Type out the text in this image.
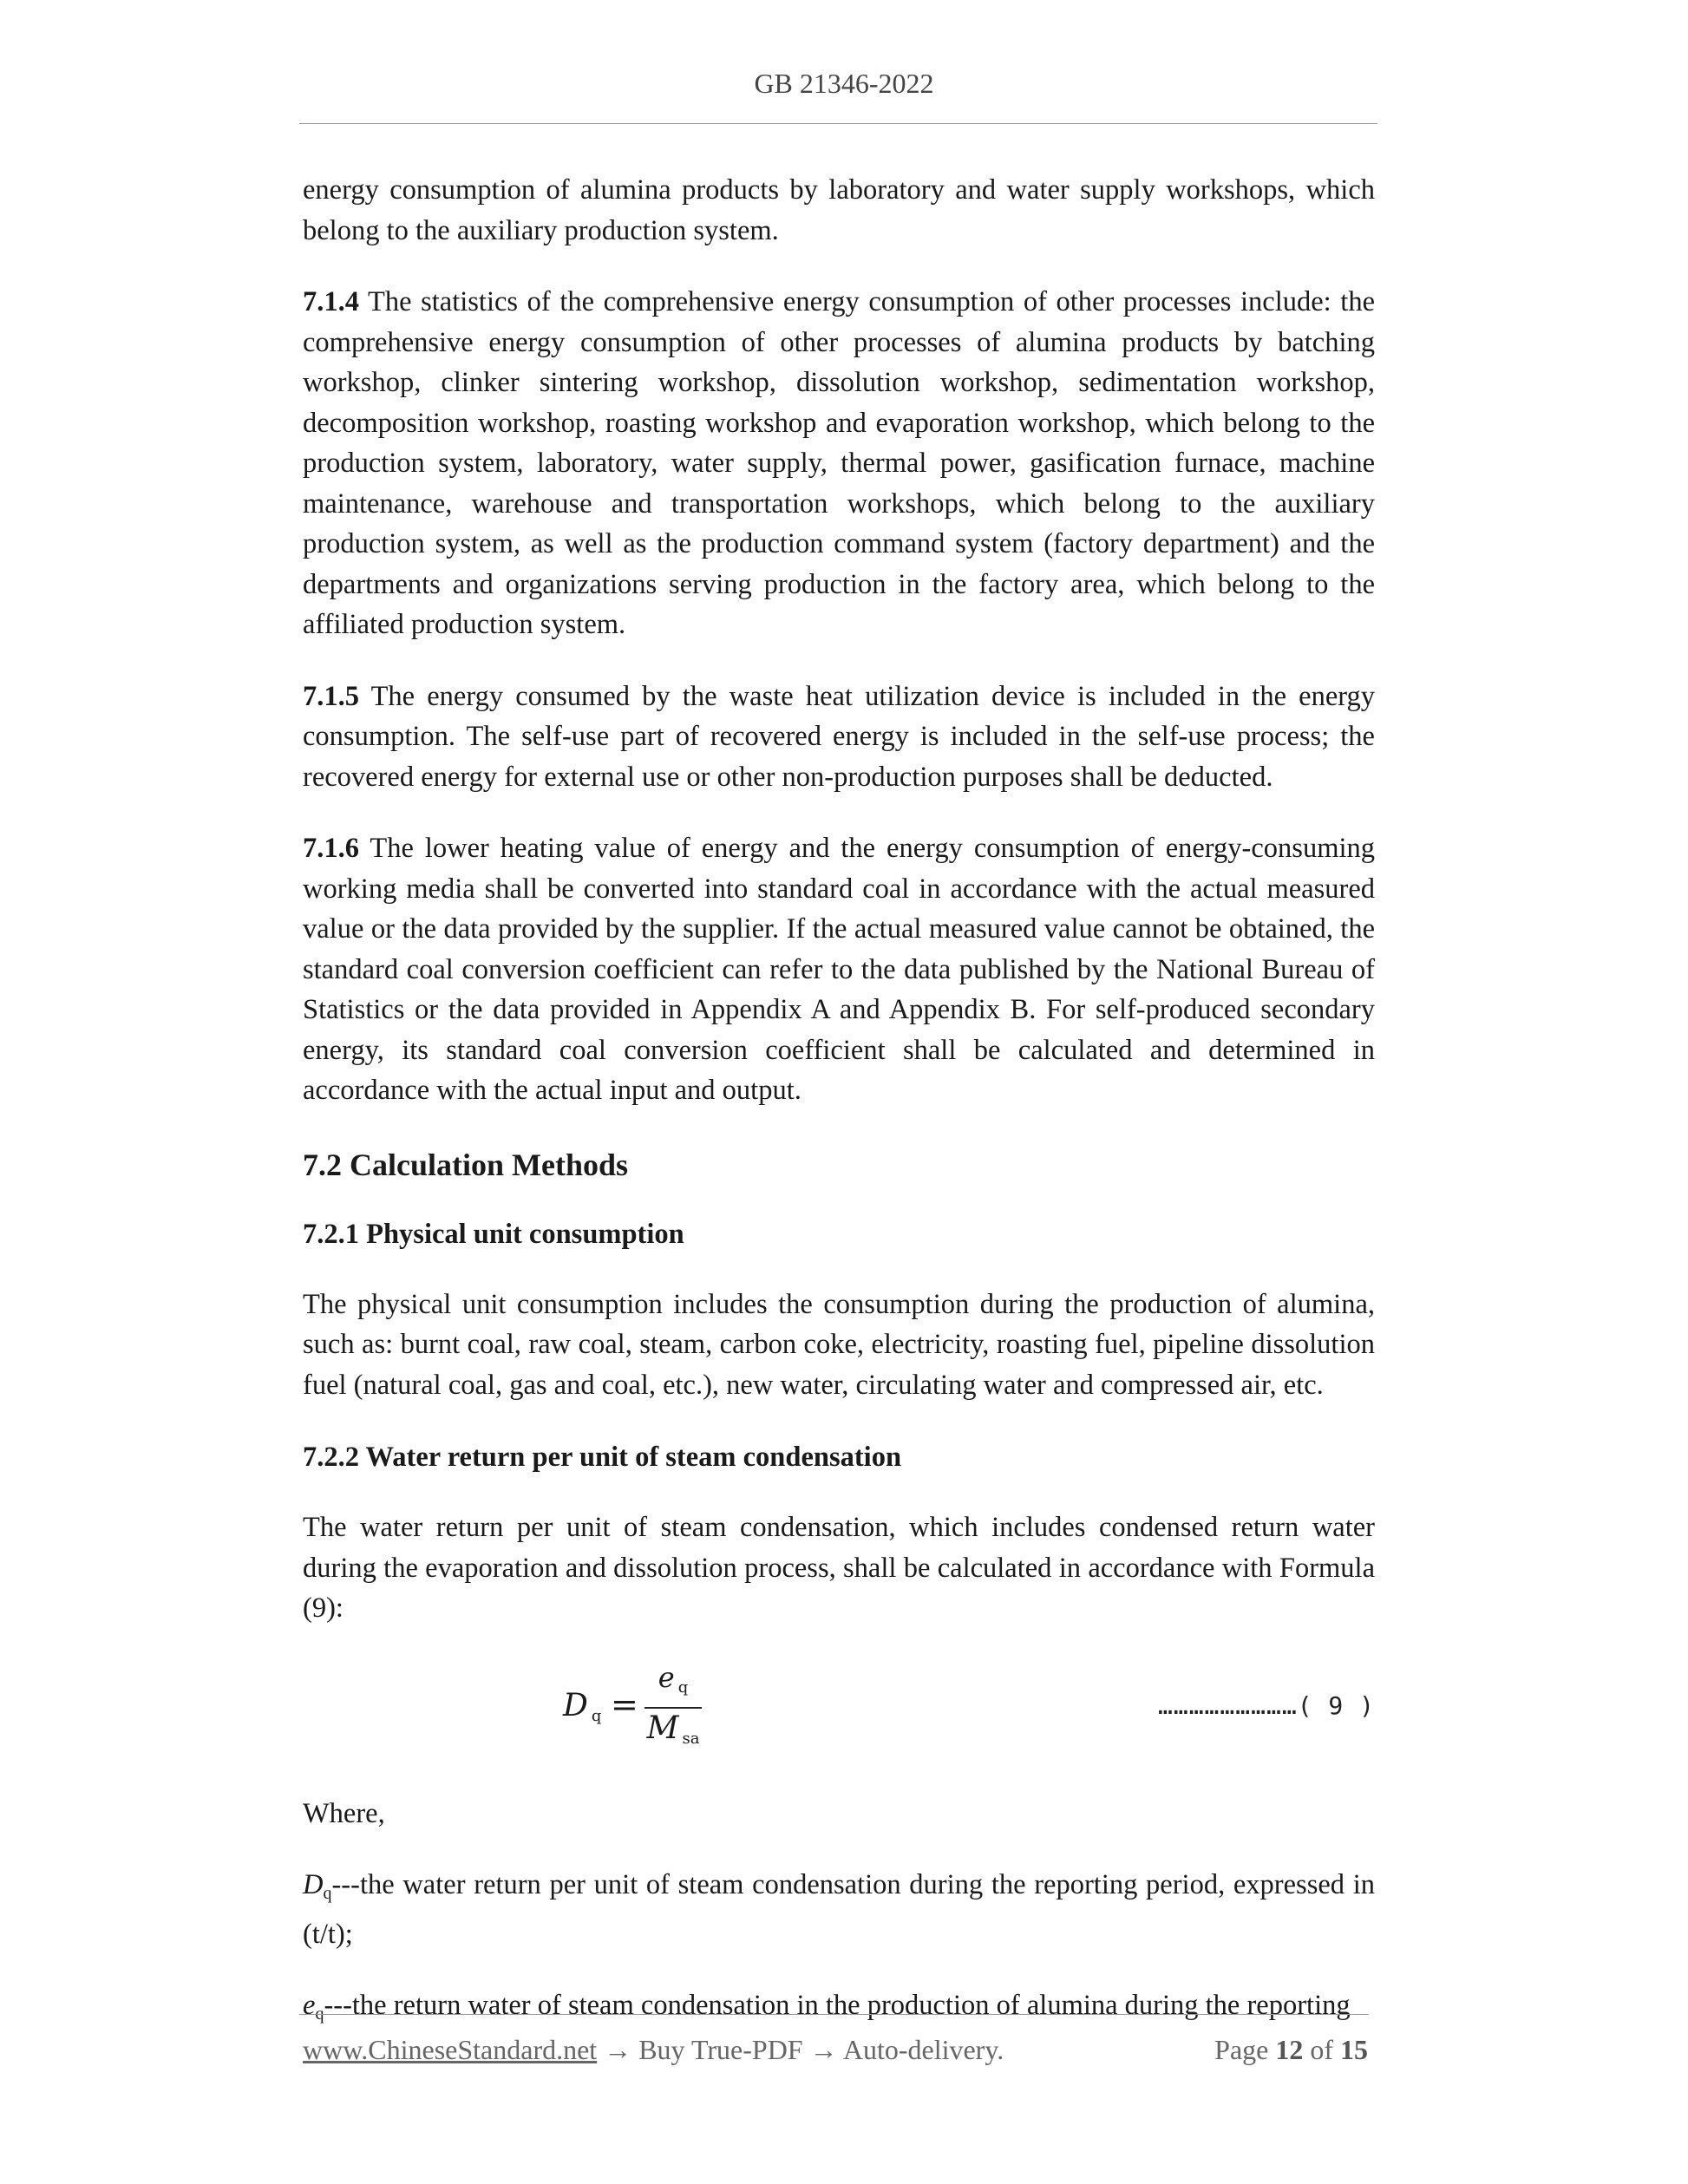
GB 21346-2022

energy consumption of alumina products by laboratory and water supply workshops, which belong to the auxiliary production system.

7.1.4 The statistics of the comprehensive energy consumption of other processes include: the comprehensive energy consumption of other processes of alumina products by batching workshop, clinker sintering workshop, dissolution workshop, sedimentation workshop, decomposition workshop, roasting workshop and evaporation workshop, which belong to the production system, laboratory, water supply, thermal power, gasification furnace, machine maintenance, warehouse and transportation workshops, which belong to the auxiliary production system, as well as the production command system (factory department) and the departments and organizations serving production in the factory area, which belong to the affiliated production system.

7.1.5 The energy consumed by the waste heat utilization device is included in the energy consumption. The self-use part of recovered energy is included in the self-use process; the recovered energy for external use or other non-production purposes shall be deducted.

7.1.6 The lower heating value of energy and the energy consumption of energy-consuming working media shall be converted into standard coal in accordance with the actual measured value or the data provided by the supplier. If the actual measured value cannot be obtained, the standard coal conversion coefficient can refer to the data published by the National Bureau of Statistics or the data provided in Appendix A and Appendix B. For self-produced secondary energy, its standard coal conversion coefficient shall be calculated and determined in accordance with the actual input and output.

7.2 Calculation Methods
7.2.1 Physical unit consumption

The physical unit consumption includes the consumption during the production of alumina, such as: burnt coal, raw coal, steam, carbon coke, electricity, roasting fuel, pipeline dissolution fuel (natural coal, gas and coal, etc.), new water, circulating water and compressed air, etc.

7.2.2 Water return per unit of steam condensation

The water return per unit of steam condensation, which includes condensed return water during the evaporation and dissolution process, shall be calculated in accordance with Formula (9):

Dq =
eq
Msa
………………………( 9 )

Where,

Dq---the water return per unit of steam condensation during the reporting period, expressed in (t/t);

eq---the return water of steam condensation in the production of alumina during the reporting

www.ChineseStandard.net → Buy True-PDF → Auto-delivery.	Page 12 of 15
